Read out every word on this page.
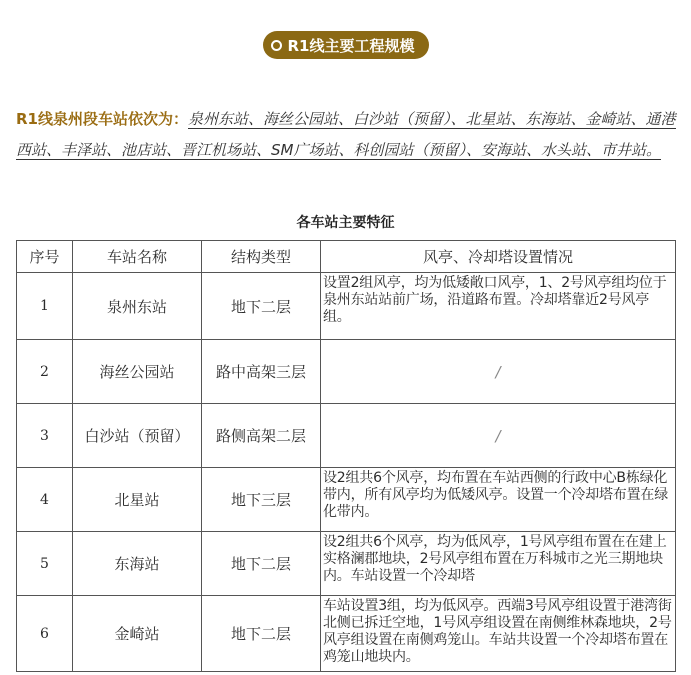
R1线主要工程规模
R1线泉州段车站依次为：泉州东站、海丝公园站、白沙站（预留）、北星站、东海站、金崎站、通港西站、丰泽站、池店站、晋江机场站、SM广场站、科创园站（预留）、安海站、水头站、市井站。
各车站主要特征
序号	车站名称	结构类型	风亭、冷却塔设置情况
1	泉州东站	地下二层	设置2组风亭，均为低矮敞口风亭，1、2号风亭组均位于泉州东站站前广场，沿道路布置。冷却塔靠近2号风亭组。
2	海丝公园站	路中高架三层	/
3	白沙站（预留）	路侧高架二层	/
4	北星站	地下三层	设2组共6个风亭，均布置在车站西侧的行政中心B栋绿化带内，所有风亭均为低矮风亭。设置一个冷却塔布置在绿化带内。
5	东海站	地下二层	设2组共6个风亭，均为低风亭，1号风亭组布置在在建上实格澜郡地块，2号风亭组布置在万科城市之光三期地块内。车站设置一个冷却塔
6	金崎站	地下二层	车站设置3组，均为低风亭。西端3号风亭组设置于港湾街北侧已拆迁空地，1号风亭组设置在南侧维林森地块，2号风亭组设置在南侧鸡笼山。车站共设置一个冷却塔布置在鸡笼山地块内。
